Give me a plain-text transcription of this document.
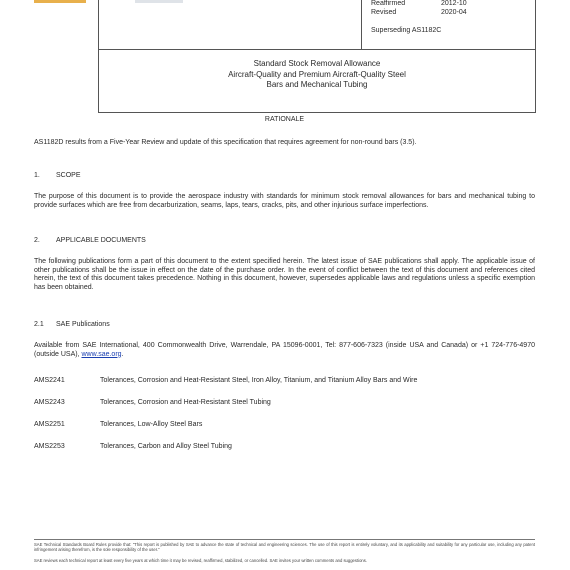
Reaffirmed	2012-10
Revised	2020-04
Superseding AS1182C
Standard Stock Removal Allowance
Aircraft-Quality and Premium Aircraft-Quality Steel
Bars and Mechanical Tubing
RATIONALE
AS1182D results from a Five-Year Review and update of this specification that requires agreement for non-round bars (3.5).
1. SCOPE
The purpose of this document is to provide the aerospace industry with standards for minimum stock removal allowances for bars and mechanical tubing to provide surfaces which are free from decarburization, seams, laps, tears, cracks, pits, and other injurious surface imperfections.
2. APPLICABLE DOCUMENTS
The following publications form a part of this document to the extent specified herein. The latest issue of SAE publications shall apply. The applicable issue of other publications shall be the issue in effect on the date of the purchase order. In the event of conflict between the text of this document and references cited herein, the text of this document takes precedence. Nothing in this document, however, supersedes applicable laws and regulations unless a specific exemption has been obtained.
2.1 SAE Publications
Available from SAE International, 400 Commonwealth Drive, Warrendale, PA 15096-0001, Tel: 877-606-7323 (inside USA and Canada) or +1 724-776-4970 (outside USA), www.sae.org.
AMS2241	Tolerances, Corrosion and Heat-Resistant Steel, Iron Alloy, Titanium, and Titanium Alloy Bars and Wire
AMS2243	Tolerances, Corrosion and Heat-Resistant Steel Tubing
AMS2251	Tolerances, Low-Alloy Steel Bars
AMS2253	Tolerances, Carbon and Alloy Steel Tubing
SAE Technical Standards Board Rules provide that: "This report is published by SAE to advance the state of technical and engineering sciences. The use of this report is entirely voluntary, and its applicability and suitability for any particular use, including any patent infringement arising therefrom, is the sole responsibility of the user."
SAE reviews each technical report at least every five years at which time it may be revised, reaffirmed, stabilized, or cancelled. SAE invites your written comments and suggestions.
